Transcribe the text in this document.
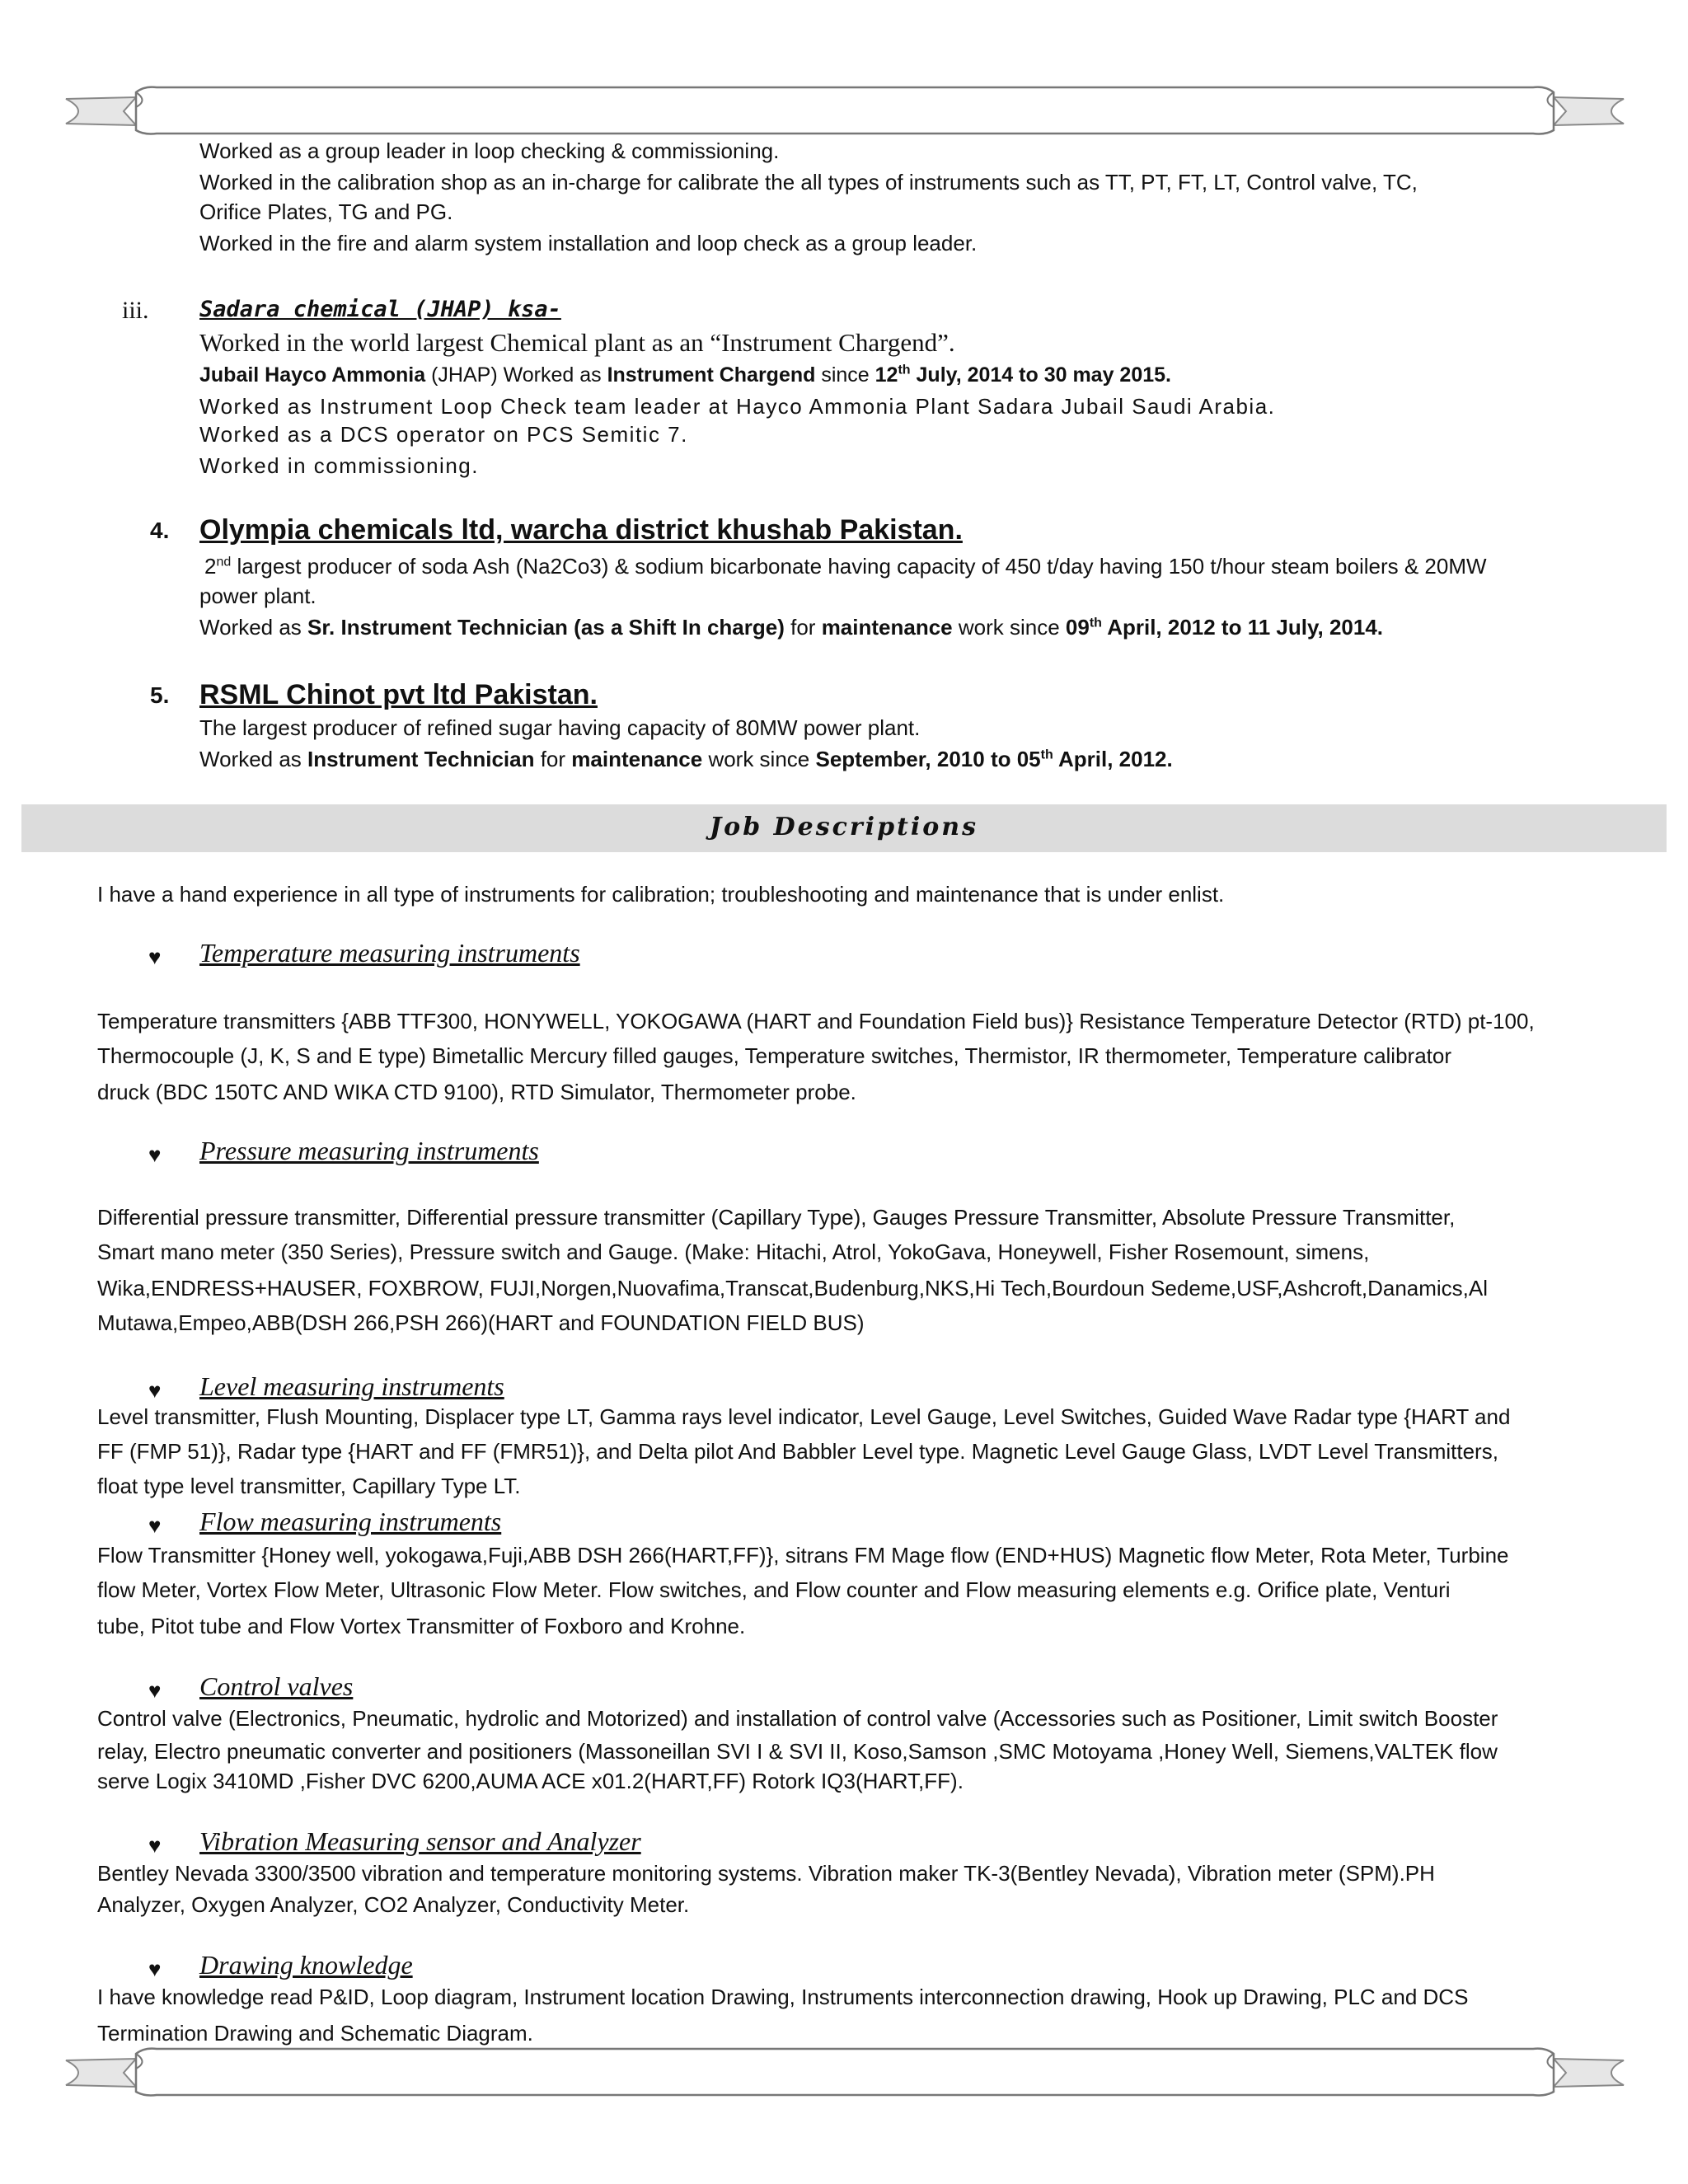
Worked as a group leader in loop checking & commissioning.
Worked in the calibration shop as an in-charge for calibrate the all types of instruments such as TT, PT, FT, LT, Control valve, TC,
Orifice Plates, TG and PG.
Worked in the fire and alarm system installation and loop check as a group leader.
iii. Sadara chemical (JHAP) ksa-
Worked in the world largest Chemical plant as an “Instrument Chargend”.
Jubail Hayco Ammonia (JHAP) Worked as Instrument Chargend since 12th July, 2014 to 30 may 2015.
Worked as Instrument Loop Check team leader at Hayco Ammonia Plant Sadara Jubail Saudi Arabia.
Worked as a DCS operator on PCS Semitic 7.
Worked in commissioning.
4. Olympia chemicals ltd, warcha district khushab Pakistan.
2nd largest producer of soda Ash (Na2Co3) & sodium bicarbonate having capacity of 450 t/day having 150 t/hour steam boilers & 20MW
power plant.
Worked as Sr. Instrument Technician (as a Shift In charge) for maintenance work since 09th April, 2012 to 11 July, 2014.
5. RSML Chinot pvt ltd Pakistan.
The largest producer of refined sugar having capacity of 80MW power plant.
Worked as Instrument Technician for maintenance work since September, 2010 to 05th April, 2012.
Job Descriptions
I have a hand experience in all type of instruments for calibration; troubleshooting and maintenance that is under enlist.
♥ Temperature measuring instruments
Temperature transmitters {ABB TTF300, HONYWELL, YOKOGAWA (HART and Foundation Field bus)} Resistance Temperature Detector (RTD) pt-100,
Thermocouple (J, K, S and E type) Bimetallic Mercury filled gauges, Temperature switches, Thermistor, IR thermometer, Temperature calibrator
druck (BDC 150TC AND WIKA CTD 9100), RTD Simulator, Thermometer probe.
♥ Pressure measuring instruments
Differential pressure transmitter, Differential pressure transmitter (Capillary Type), Gauges Pressure Transmitter, Absolute Pressure Transmitter,
Smart mano meter (350 Series), Pressure switch and Gauge. (Make: Hitachi, Atrol, YokoGava, Honeywell, Fisher Rosemount, simens,
Wika,ENDRESS+HAUSER, FOXBROW, FUJI,Norgen,Nuovafima,Transcat,Budenburg,NKS,Hi Tech,Bourdoun Sedeme,USF,Ashcroft,Danamics,Al
Mutawa,Empeo,ABB(DSH 266,PSH 266)(HART and FOUNDATION FIELD BUS)
♥ Level measuring instruments
Level transmitter, Flush Mounting, Displacer type LT, Gamma rays level indicator, Level Gauge, Level Switches, Guided Wave Radar type {HART and
FF (FMP 51)}, Radar type {HART and FF (FMR51)}, and Delta pilot And Babbler Level type. Magnetic Level Gauge Glass, LVDT Level Transmitters,
float type level transmitter, Capillary Type LT.
♥ Flow measuring instruments
Flow Transmitter {Honey well, yokogawa,Fuji,ABB DSH 266(HART,FF)}, sitrans FM Mage flow (END+HUS) Magnetic flow Meter, Rota Meter, Turbine
flow Meter, Vortex Flow Meter, Ultrasonic Flow Meter. Flow switches, and Flow counter and Flow measuring elements e.g. Orifice plate, Venturi
tube, Pitot tube and Flow Vortex Transmitter of Foxboro and Krohne.
♥ Control valves
Control valve (Electronics, Pneumatic, hydrolic and Motorized) and installation of control valve (Accessories such as Positioner, Limit switch Booster
relay, Electro pneumatic converter and positioners (Massoneillan SVI I & SVI II, Koso,Samson ,SMC Motoyama ,Honey Well, Siemens,VALTEK flow
serve Logix 3410MD ,Fisher DVC 6200,AUMA ACE x01.2(HART,FF) Rotork IQ3(HART,FF).
♥ Vibration Measuring sensor and Analyzer
Bentley Nevada 3300/3500 vibration and temperature monitoring systems. Vibration maker TK-3(Bentley Nevada), Vibration meter (SPM).PH
Analyzer, Oxygen Analyzer, CO2 Analyzer, Conductivity Meter.
♥ Drawing knowledge
I have knowledge read P&ID, Loop diagram, Instrument location Drawing, Instruments interconnection drawing, Hook up Drawing, PLC and DCS
Termination Drawing and Schematic Diagram.
